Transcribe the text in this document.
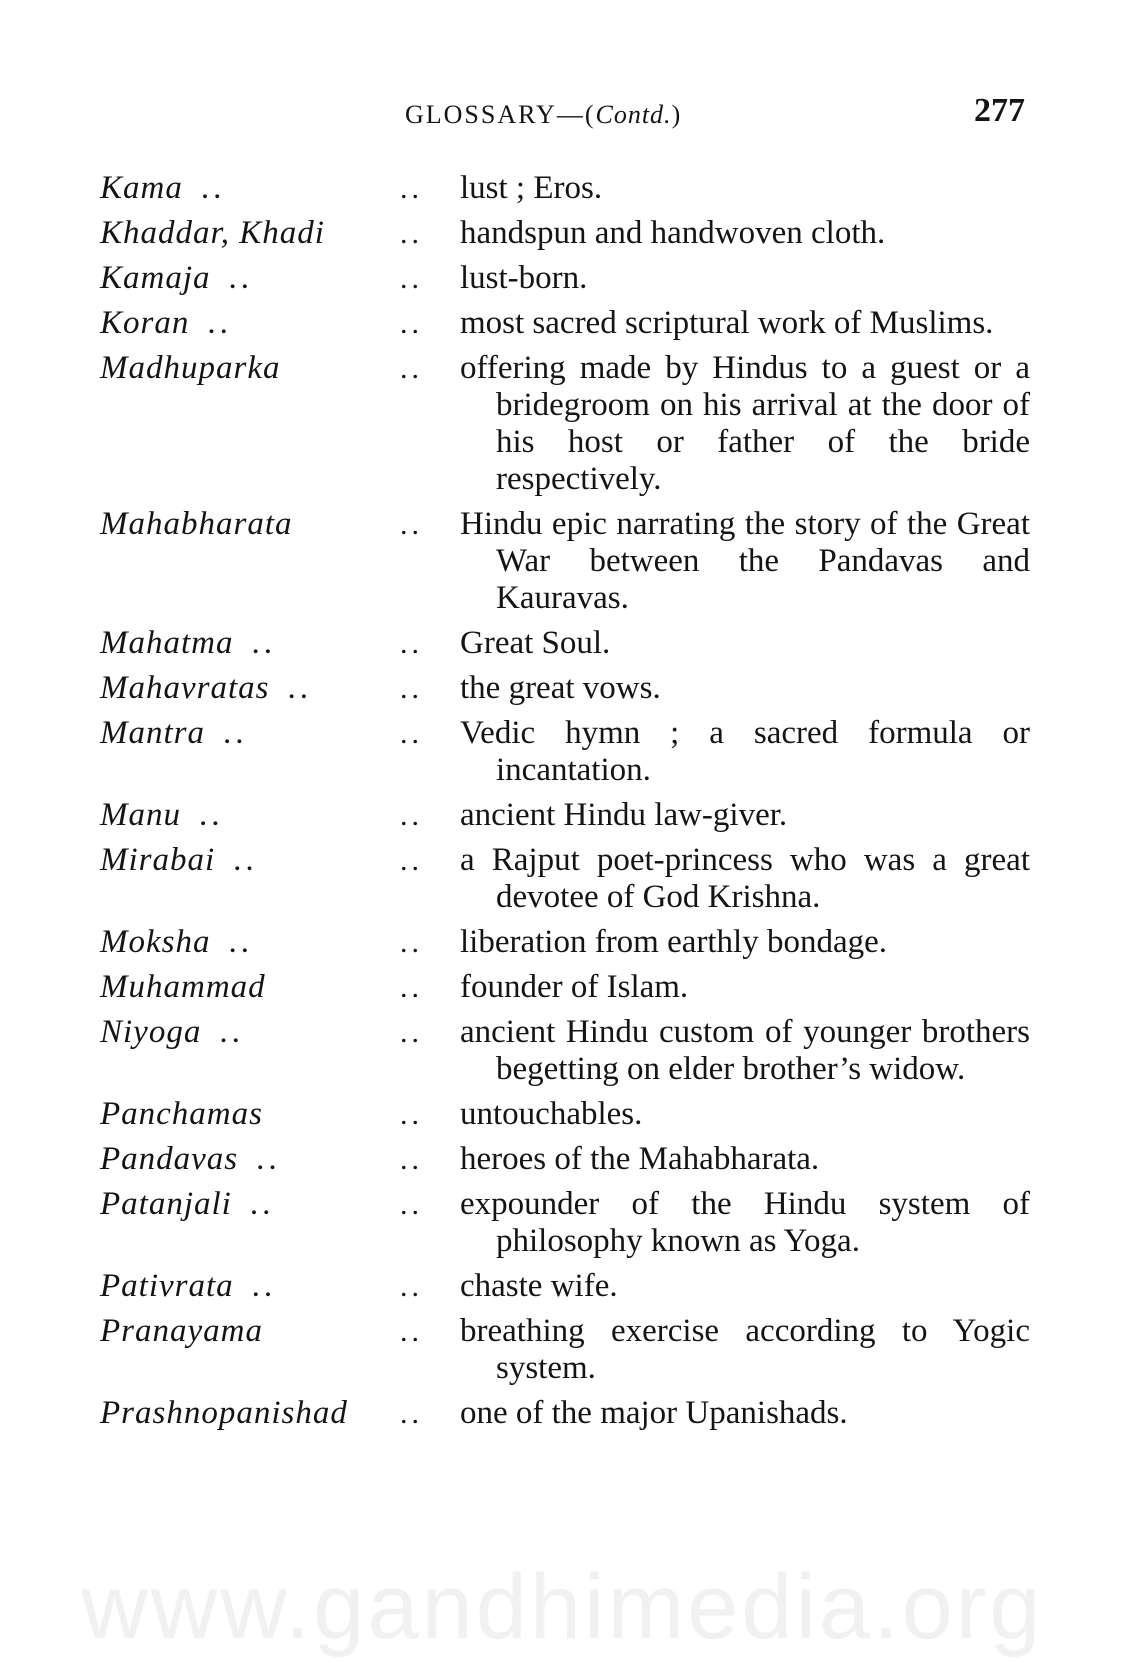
GLOSSARY—(Contd.)	277
Kama ..	..	lust ; Eros.
Khaddar, Khadi	..	handspun and handwoven cloth.
Kamaja ..	..	lust-born.
Koran ..	..	most sacred scriptural work of Muslims.
Madhuparka	..	offering made by Hindus to a guest or a bridegroom on his arrival at the door of his host or father of the bride respectively.
Mahabharata	..	Hindu epic narrating the story of the Great War between the Pandavas and Kauravas.
Mahatma ..	..	Great Soul.
Mahavratas ..	..	the great vows.
Mantra ..	..	Vedic hymn ; a sacred formula or incantation.
Manu ..	..	ancient Hindu law-giver.
Mirabai ..	..	a Rajput poet-princess who was a great devotee of God Krishna.
Moksha ..	..	liberation from earthly bondage.
Muhammad	..	founder of Islam.
Niyoga ..	..	ancient Hindu custom of younger brothers begetting on elder brother’s widow.
Panchamas	..	untouchables.
Pandavas ..	..	heroes of the Mahabharata.
Patanjali ..	..	expounder of the Hindu system of philosophy known as Yoga.
Pativrata ..	..	chaste wife.
Pranayama	..	breathing exercise according to Yogic system.
Prashnopanishad	..	one of the major Upanishads.
www.gandhimedia.org
